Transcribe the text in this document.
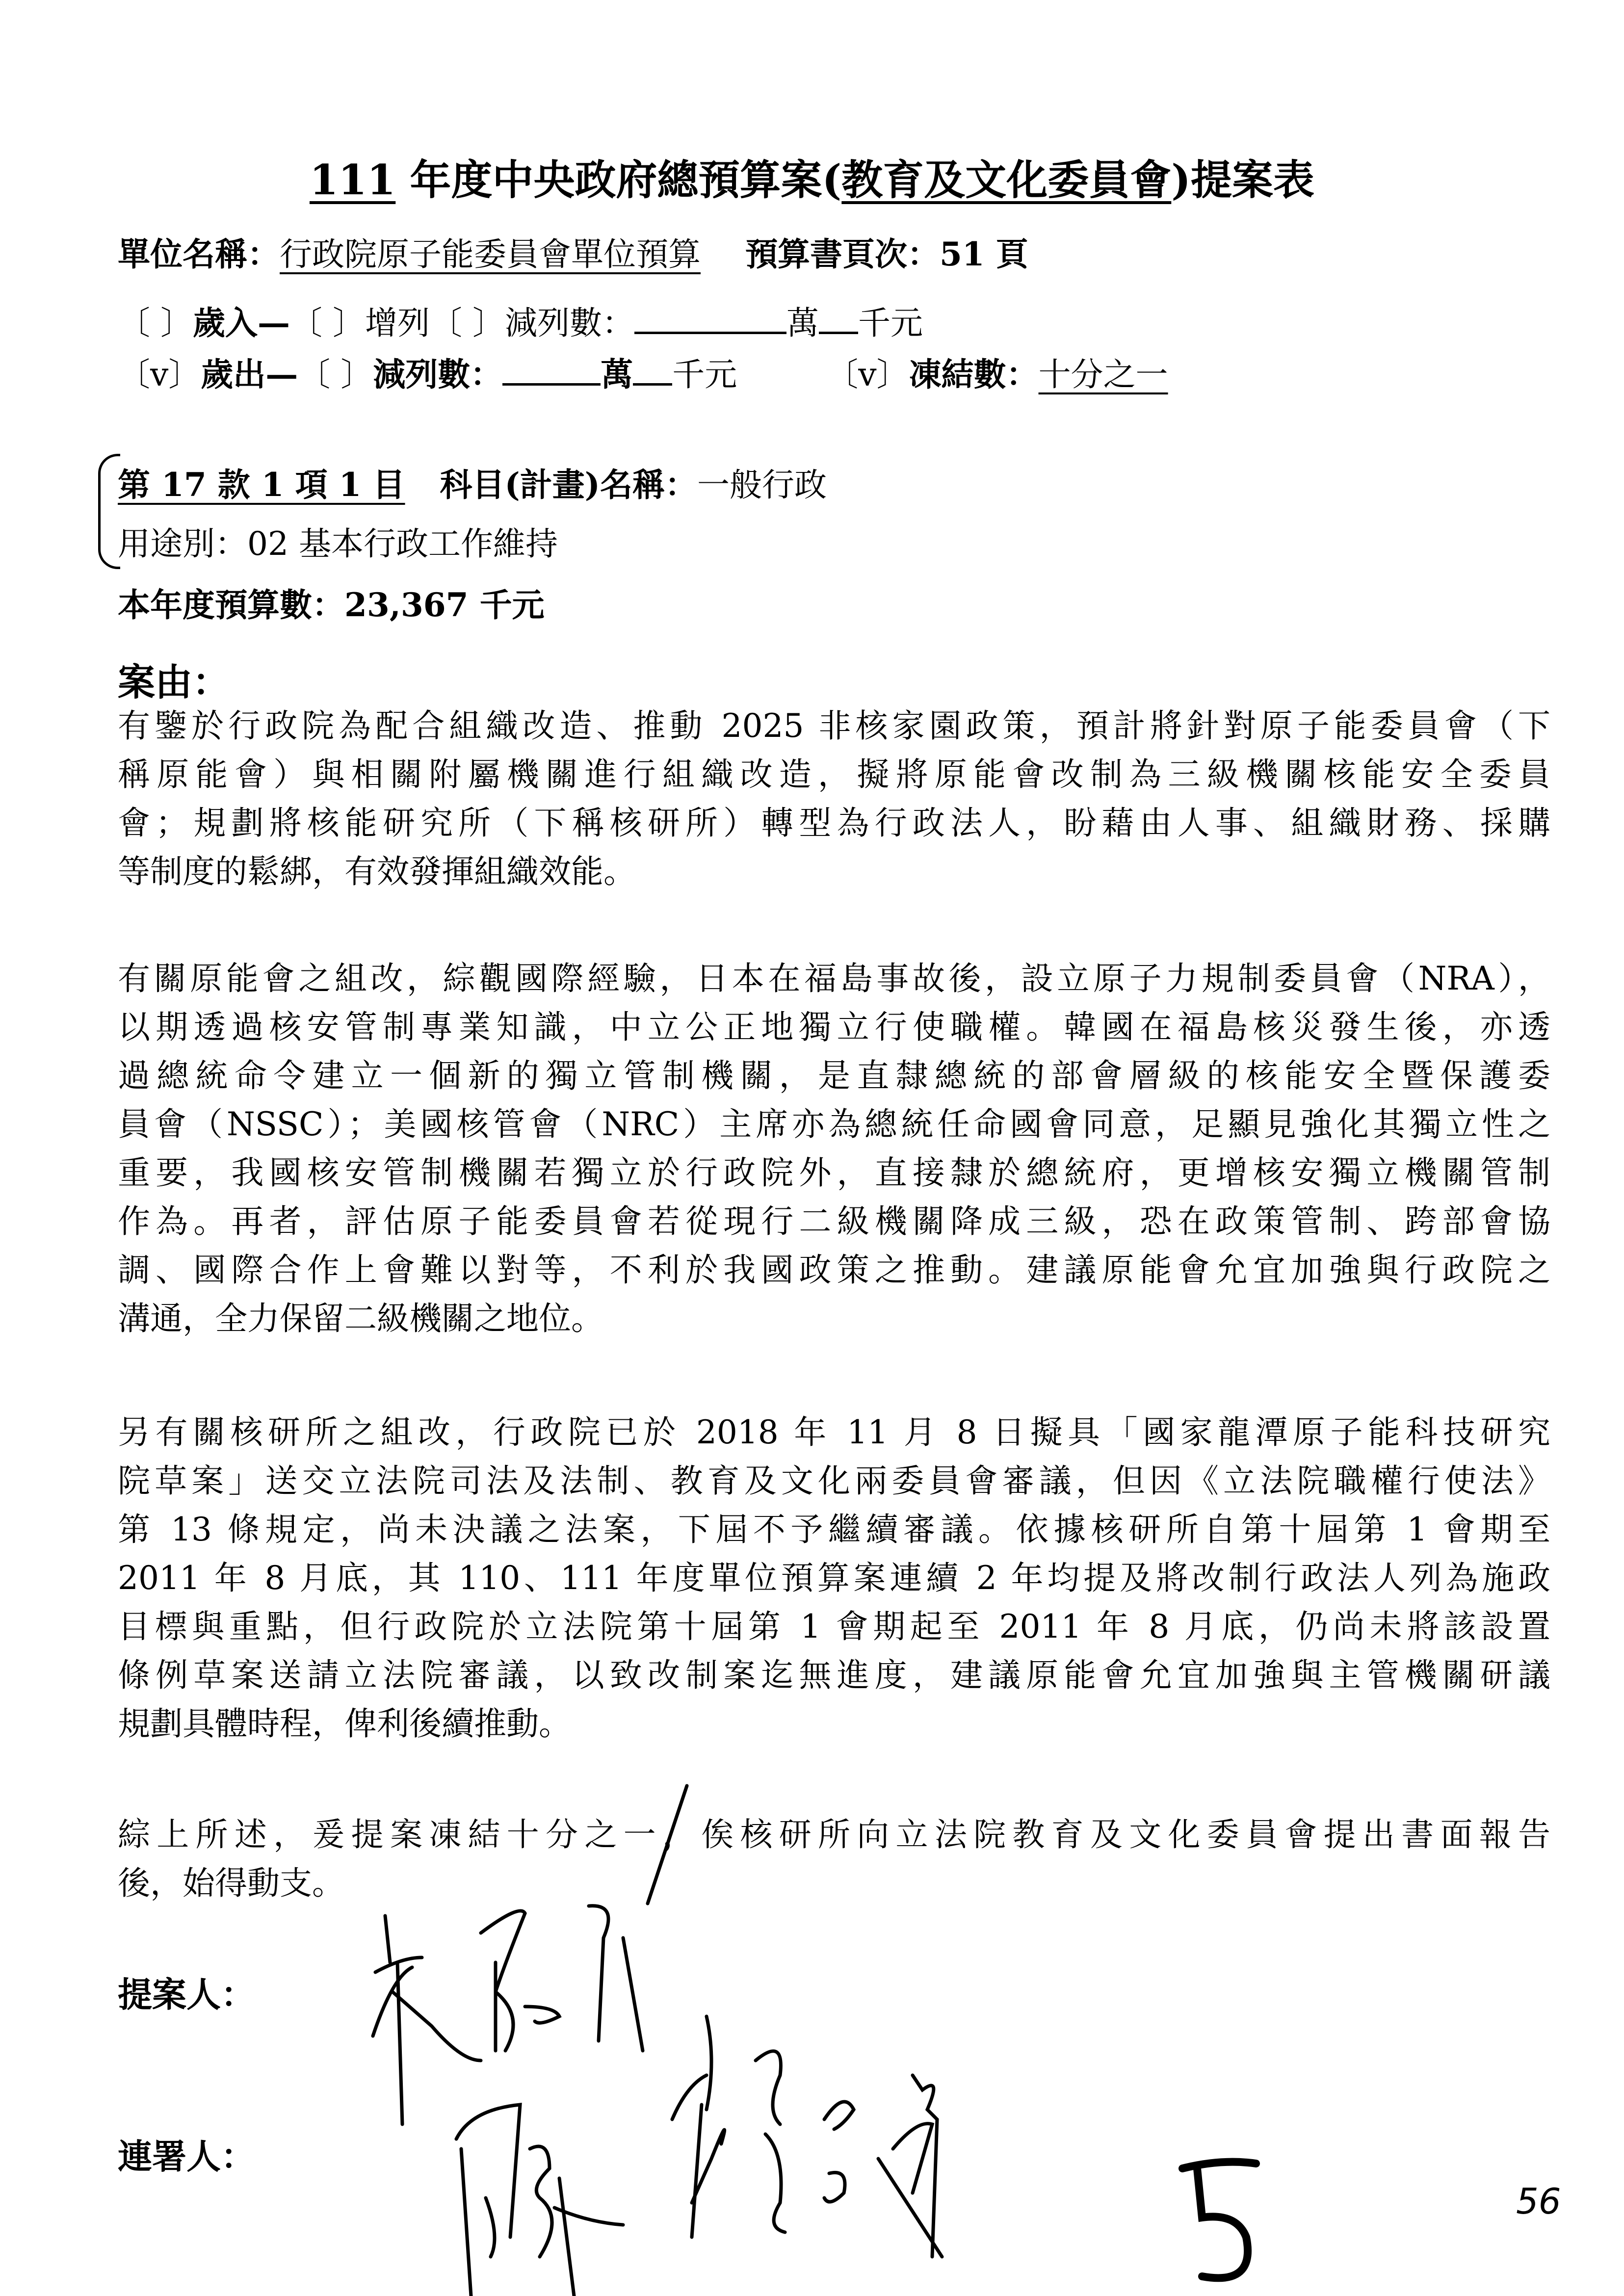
111 年度中央政府總預算案(教育及文化委員會)提案表
單位名稱：行政院原子能委員會單位預算 預算書頁次：51 頁
〔 〕歲入—〔 〕增列〔 〕減列數：	萬 千元
〔v〕歲出—〔 〕減列數：	萬 千元	〔v〕凍結數：十分之一
第 17 款 1 項 1 目 科目(計畫)名稱：一般行政
用途別：02 基本行政工作維持
本年度預算數：23,367 千元
案由：
有鑒於行政院為配合組織改造、推動 2025 非核家園政策，預計將針對原子能委員會（下
稱原能會）與相關附屬機關進行組織改造，擬將原能會改制為三級機關核能安全委員
會；規劃將核能研究所（下稱核研所）轉型為行政法人，盼藉由人事、組織財務、採購
等制度的鬆綁，有效發揮組織效能。
有關原能會之組改，綜觀國際經驗，日本在福島事故後，設立原子力規制委員會（NRA），
以期透過核安管制專業知識，中立公正地獨立行使職權。韓國在福島核災發生後，亦透
過總統命令建立一個新的獨立管制機關，是直隸總統的部會層級的核能安全暨保護委
員會（NSSC）；美國核管會（NRC）主席亦為總統任命國會同意，足顯見強化其獨立性之
重要，我國核安管制機關若獨立於行政院外，直接隸於總統府，更增核安獨立機關管制
作為。再者，評估原子能委員會若從現行二級機關降成三級，恐在政策管制、跨部會協
調、國際合作上會難以對等，不利於我國政策之推動。建議原能會允宜加強與行政院之
溝通，全力保留二級機關之地位。
另有關核研所之組改，行政院已於 2018 年 11 月 8 日擬具「國家龍潭原子能科技研究
院草案」送交立法院司法及法制、教育及文化兩委員會審議，但因《立法院職權行使法》
第 13 條規定，尚未決議之法案，下屆不予繼續審議。依據核研所自第十屆第 1 會期至
2011 年 8 月底，其 110、111 年度單位預算案連續 2 年均提及將改制行政法人列為施政
目標與重點，但行政院於立法院第十屆第 1 會期起至 2011 年 8 月底，仍尚未將該設置
條例草案送請立法院審議，以致改制案迄無進度，建議原能會允宜加強與主管機關研議
規劃具體時程，俾利後續推動。
綜上所述，爰提案凍結十分之一，俟核研所向立法院教育及文化委員會提出書面報告
後，始得動支。
提案人：
連署人：
56
